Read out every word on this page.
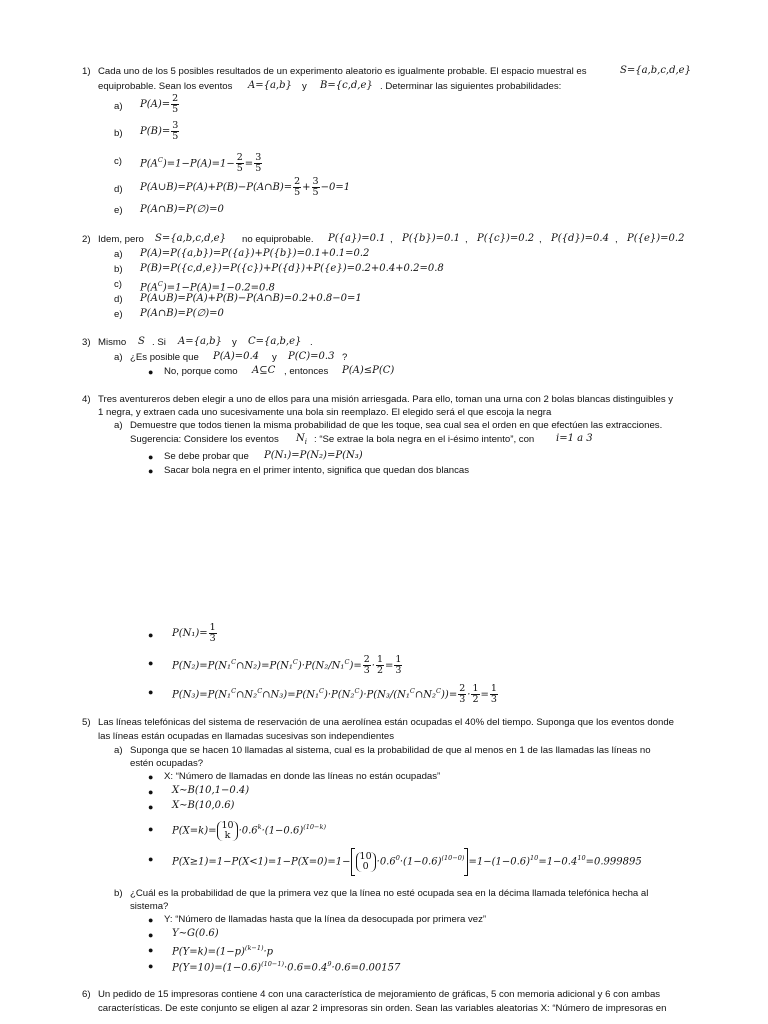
1) Cada uno de los 5 posibles resultados de un experimento aleatorio es igualmente probable. El espacio muestral es	S={a,b,c,d,e}
equiprobable. Sean los eventos A={a,b} y B={c,d,e} . Determinar las siguientes probabilidades:
a) $P(A)= \frac{2}{5}$
b) $P(B)= \frac{3}{5}$
c) $P(A^C)=1-P(A)=1- \frac{2}{5} = \frac{3}{5}$
d) P(A∪B)=P(A)+P(B)−P(A∩B)= $\frac{2}{5} + \frac{3}{5} -0=1$
e) P(A∩B)=P(∅)=0
2) Idem, pero S={a,b,c,d,e} no equiprobable. P({a})=0.1 , P({b})=0.1 , P({c})=0.2 , P({d})=0.4 , P({e})=0.2
a) P(A)=P({a,b})=P({a})+P({b})=0.1+0.1=0.2
b) P(B)=P({c,d,e})=P({c})+P({d})+P({e})=0.2+0.4+0.2=0.8
c) $P(A^C)=1-P(A)=1-0.2=0.8$
d) P(A∪B)=P(A)+P(B)−P(A∩B)=0.2+0.8−0=1
e) P(A∩B)=P(∅)=0
3) Mismo S . Si A={a,b} y C={a,b,e} .
a) ¿Es posible que P(A)=0.4 y P(C)=0.3 ?
● No, porque como A⊆C , entonces P(A)≤P(C)
4) Tres aventureros deben elegir a uno de ellos para una misión arriesgada. Para ello, toman una urna con 2 bolas blancas distinguibles y
1 negra, y extraen cada uno sucesivamente una bola sin reemplazo. El elegido será el que escoja la negra
a) Demuestre que todos tienen la misma probabilidad de que les toque, sea cual sea el orden en que efectúen las extracciones.
Sugerencia: Considere los eventos $N_i$ : “Se extrae la bola negra en el i-ésimo intento”, con i=1 a 3
● Se debe probar que P(N₁)=P(N₂)=P(N₃)
● Sacar bola negra en el primer intento, significa que quedan dos blancas
● $P(N_1)= \frac{1}{3}$
● P(N₂)=P(N₁$^C$∩N₂)=P(N₁$^C$)·P(N₂/N₁$^C$)= $\frac{2}{3} \cdot \frac{1}{2} = \frac{1}{3}$
● P(N₃)=P(N₁$^C$∩N₂$^C$∩N₃)=P(N₁$^C$)·P(N₂$^C$)·P(N₃/(N₁$^C$∩N₂$^C$))= $\frac{2}{3} \cdot \frac{1}{2} = \frac{1}{3}$
5) Las líneas telefónicas del sistema de reservación de una aerolínea están ocupadas el 40% del tiempo. Suponga que los eventos donde
las líneas están ocupadas en llamadas sucesivas son independientes
a) Suponga que se hacen 10 llamadas al sistema, cual es la probabilidad de que al menos en 1 de las llamadas las líneas no
estén ocupadas?
● X: “Número de llamadas en donde las líneas no están ocupadas”
● X∼B(10,1−0.4)
● X∼B(10,0.6)
● P(X=k)= 10
$k \cdot 0.6^k\cdot(1-0.6)^{(10-k)}$
● P(X≥1)=1−P(X<1)=1−P(X=0)=1− 10
$0 \cdot 0.6^0\cdot(1-0.6)^{(10-0)} =1-(1-0.6)^{10}=1-0.4^{10}=0.999895$
b) ¿Cuál es la probabilidad de que la primera vez que la línea no esté ocupada sea en la décima llamada telefónica hecha al
sistema?
● Y: “Número de llamadas hasta que la línea da desocupada por primera vez”
● Y∼G(0.6)
● $P(Y=k)=(1-p)^{(k-1)}\cdot p$
● $P(Y=10)=(1-0.6)^{(10-1)}\cdot 0.6=0.4^9\cdot 0.6=0.00157$
6) Un pedido de 15 impresoras contiene 4 con una característica de mejoramiento de gráficas, 5 con memoria adicional y 6 con ambas
características. De este conjunto se eligen al azar 2 impresoras sin orden. Sean las variables aleatorias X: “Número de impresoras en
